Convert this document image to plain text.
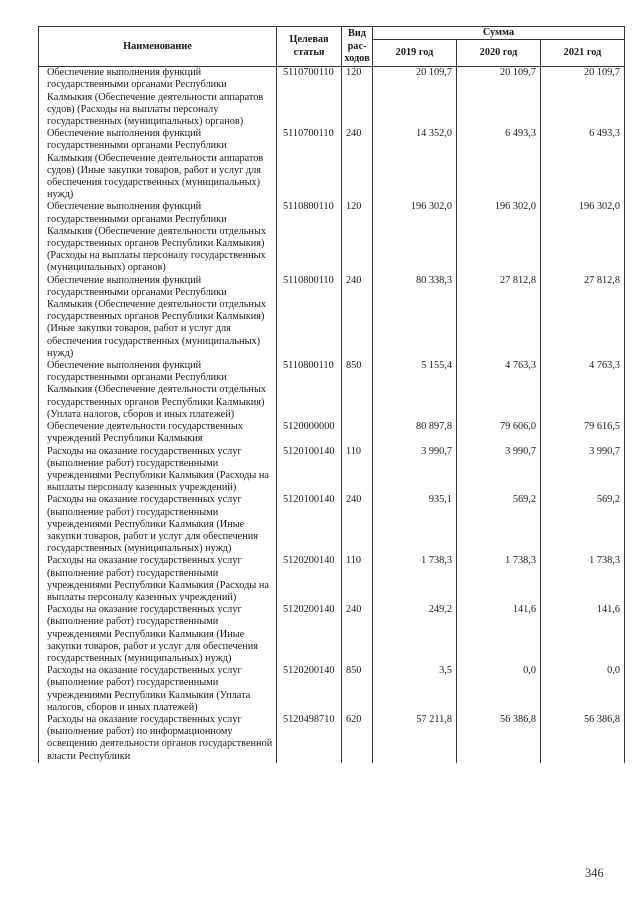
Наименование	Целевая статья	Вид рас-ходов	Сумма		
			2019 год	2020 год	2021 год
Обеспечение выполнения функций государственными органами Республики Калмыкия (Обеспечение деятельности аппаратов судов) (Расходы на выплаты персоналу государственных (муниципальных) органов)	5110700110	120	20 109,7	20 109,7	20 109,7
Обеспечение выполнения функций государственными органами Республики Калмыкия (Обеспечение деятельности аппаратов судов) (Иные закупки товаров, работ и услуг для обеспечения государственных (муниципальных) нужд)	5110700110	240	14 352,0	6 493,3	6 493,3
Обеспечение выполнения функций государственными органами Республики Калмыкия (Обеспечение деятельности отдельных государственных органов Республики Калмыкия) (Расходы на выплаты персоналу государственных (муниципальных) органов)	5110800110	120	196 302,0	196 302,0	196 302,0
Обеспечение выполнения функций государственными органами Республики Калмыкия (Обеспечение деятельности отдельных государственных органов Республики Калмыкия) (Иные закупки товаров, работ и услуг для обеспечения государственных (муниципальных) нужд)	5110800110	240	80 338,3	27 812,8	27 812,8
Обеспечение выполнения функций государственными органами Республики Калмыкия (Обеспечение деятельности отдельных государственных органов Республики Калмыкия) (Уплата налогов, сборов и иных платежей)	5110800110	850	5 155,4	4 763,3	4 763,3
Обеспечение деятельности государственных учреждений Республики Калмыкия	5120000000		80 897,8	79 606,0	79 616,5
Расходы на оказание государственных услуг (выполнение работ) государственными учреждениями Республики Калмыкия (Расходы на выплаты персоналу казенных учреждений)	5120100140	110	3 990,7	3 990,7	3 990,7
Расходы на оказание государственных услуг (выполнение работ) государственными учреждениями Республики Калмыкия (Иные закупки товаров, работ и услуг для обеспечения государственных (муниципальных) нужд)	5120100140	240	935,1	569,2	569,2
Расходы на оказание государственных услуг (выполнение работ) государственными учреждениями Республики Калмыкия (Расходы на выплаты персоналу казенных учреждений)	5120200140	110	1 738,3	1 738,3	1 738,3
Расходы на оказание государственных услуг (выполнение работ) государственными учреждениями Республики Калмыкия (Иные закупки товаров, работ и услуг для обеспечения государственных (муниципальных) нужд)	5120200140	240	249,2	141,6	141,6
Расходы на оказание государственных услуг (выполнение работ) государственными учреждениями Республики Калмыкия (Уплата налогов, сборов и иных платежей)	5120200140	850	3,5	0,0	0,0
Расходы на оказание государственных услуг (выполнение работ) по информационному освещению деятельности органов государственной власти Республики	5120498710	620	57 211,8	56 386,8	56 386,8
346
